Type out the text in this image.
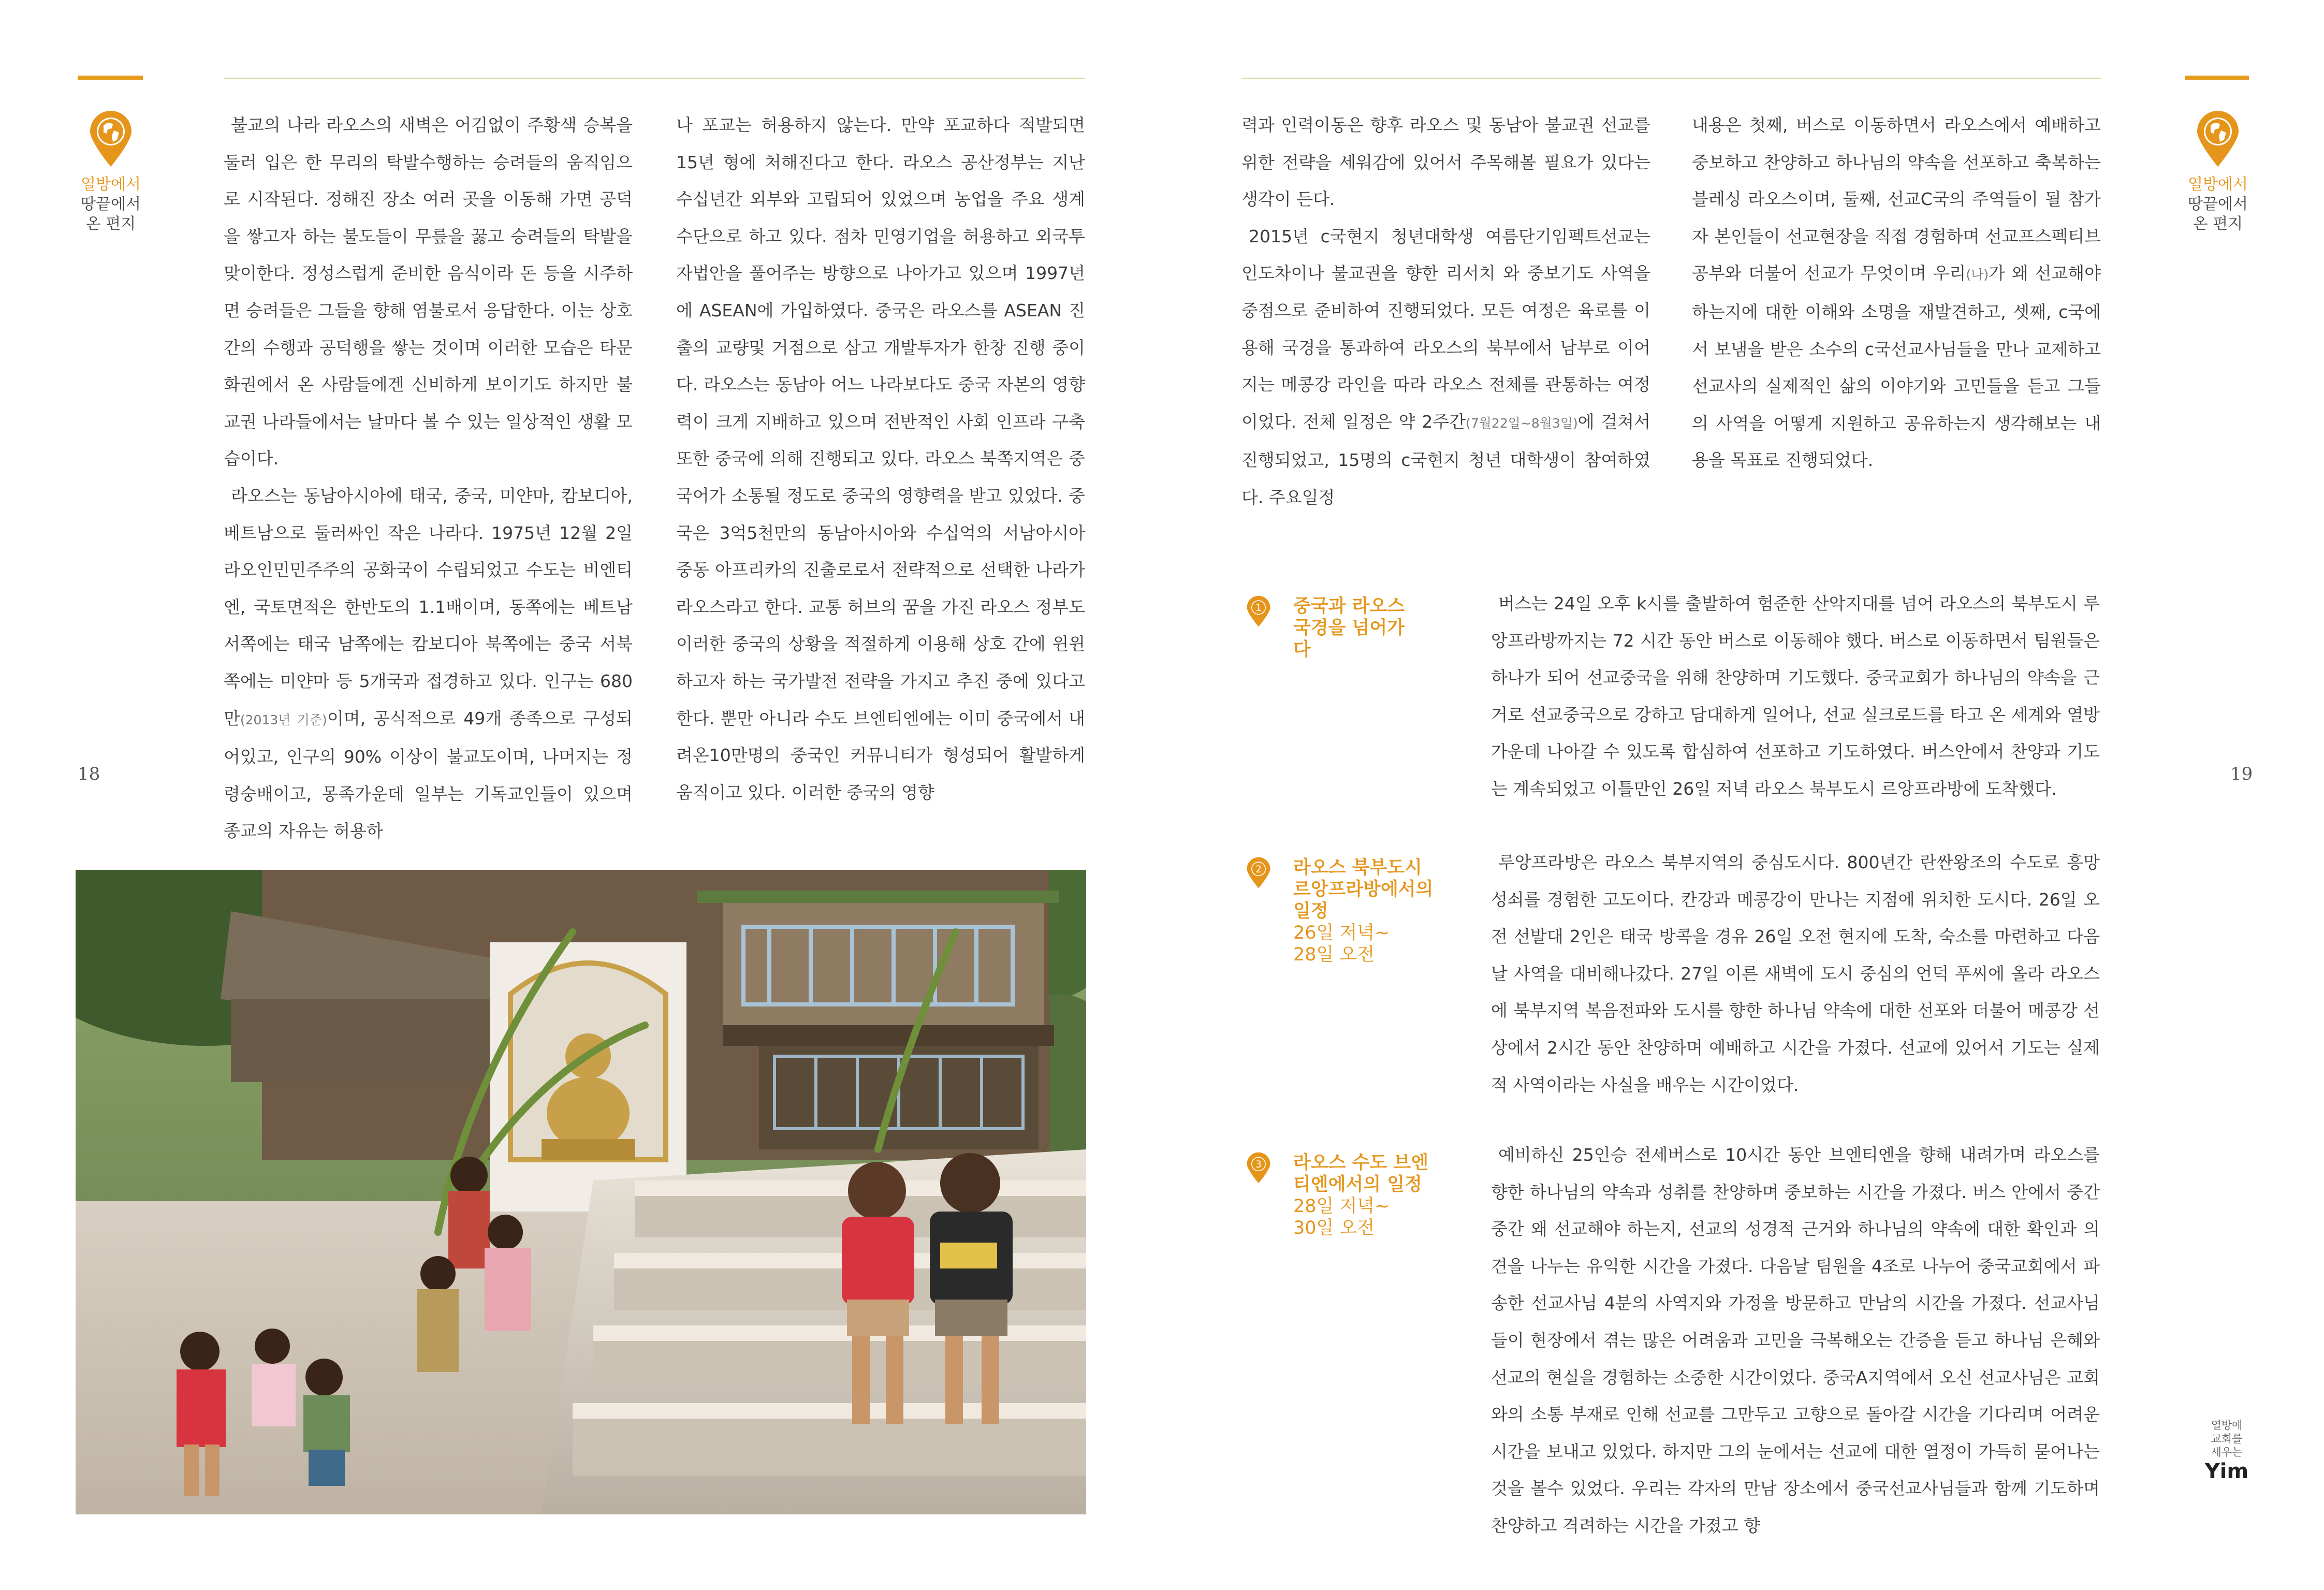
열방에서
땅끝에서
온 편지

불교의 나라 라오스의 새벽은 어김없이 주황색 승복을 둘러 입은 한 무리의 탁발수행하는 승려들의 움직임으로 시작된다. 정해진 장소 여러 곳을 이동해 가면 공덕을 쌓고자 하는 불도들이 무릎을 꿇고 승려들의 탁발을 맞이한다. 정성스럽게 준비한 음식이라 돈 등을 시주하면 승려들은 그들을 향해 염불로서 응답한다. 이는 상호 간의 수행과 공덕행을 쌓는 것이며 이러한 모습은 타문화권에서 온 사람들에겐 신비하게 보이기도 하지만 불교권 나라들에서는 날마다 볼 수 있는 일상적인 생활 모습이다.

라오스는 동남아시아에 태국, 중국, 미얀마, 캄보디아, 베트남으로 둘러싸인 작은 나라다. 1975년 12월 2일 라오인민민주주의 공화국이 수립되었고 수도는 비엔티엔, 국토면적은 한반도의 1.1배이며, 동쪽에는 베트남 서쪽에는 태국 남쪽에는 캄보디아 북쪽에는 중국 서북쪽에는 미얀마 등 5개국과 접경하고 있다. 인구는 680만(2013년 기준)이며, 공식적으로 49개 종족으로 구성되어있고, 인구의 90% 이상이 불교도이며, 나머지는 정령숭배이고, 몽족가운데 일부는 기독교인들이 있으며 종교의 자유는 허용하

나 포교는 허용하지 않는다. 만약 포교하다 적발되면 15년 형에 처해진다고 한다. 라오스 공산정부는 지난 수십년간 외부와 고립되어 있었으며 농업을 주요 생계수단으로 하고 있다. 점차 민영기업을 허용하고 외국투자법안을 풀어주는 방향으로 나아가고 있으며 1997년에 ASEAN에 가입하였다. 중국은 라오스를 ASEAN 진출의 교량및 거점으로 삼고 개발투자가 한창 진행 중이다. 라오스는 동남아 어느 나라보다도 중국 자본의 영향력이 크게 지배하고 있으며 전반적인 사회 인프라 구축 또한 중국에 의해 진행되고 있다. 라오스 북쪽지역은 중국어가 소통될 정도로 중국의 영향력을 받고 있었다. 중국은 3억5천만의 동남아시아와 수십억의 서남아시아 중동 아프리카의 진출로로서 전략적으로 선택한 나라가 라오스라고 한다. 교통 허브의 꿈을 가진 라오스 정부도 이러한 중국의 상황을 적절하게 이용해 상호 간에 윈윈하고자 하는 국가발전 전략을 가지고 추진 중에 있다고 한다. 뿐만 아니라 수도 브엔티엔에는 이미 중국에서 내려온10만명의 중국인 커뮤니티가 형성되어 활발하게 움직이고 있다. 이러한 중국의 영향

18
열방에서
땅끝에서
온 편지

력과 인력이동은 향후 라오스 및 동남아 불교권 선교를 위한 전략을 세워감에 있어서 주목해볼 필요가 있다는 생각이 든다.

2015년 c국현지 청년대학생 여름단기임펙트선교는 인도차이나 불교권을 향한 리서치 와 중보기도 사역을 중점으로 준비하여 진행되었다. 모든 여정은 육로를 이용해 국경을 통과하여 라오스의 북부에서 남부로 이어지는 메콩강 라인을 따라 라오스 전체를 관통하는 여정이었다. 전체 일정은 약 2주간(7월22일~8월3일)에 걸쳐서 진행되었고, 15명의 c국현지 청년 대학생이 참여하였다. 주요일정

내용은 첫째, 버스로 이동하면서 라오스에서 예배하고 중보하고 찬양하고 하나님의 약속을 선포하고 축복하는 블레싱 라오스이며, 둘째, 선교C국의 주역들이 될 참가자 본인들이 선교현장을 직접 경험하며 선교프스펙티브 공부와 더불어 선교가 무엇이며 우리(나)가 왜 선교해야 하는지에 대한 이해와 소명을 재발견하고, 셋째, c국에서 보냄을 받은 소수의 c국선교사님들을 만나 교제하고 선교사의 실제적인 삶의 이야기와 고민들을 듣고 그들의 사역을 어떻게 지원하고 공유하는지 생각해보는 내용을 목표로 진행되었다.

1 중국과 라오스 국경을 넘어가다

버스는 24일 오후 k시를 출발하여 험준한 산악지대를 넘어 라오스의 북부도시 루앙프라방까지는 72 시간 동안 버스로 이동해야 했다. 버스로 이동하면서 팀원들은 하나가 되어 선교중국을 위해 찬양하며 기도했다. 중국교회가 하나님의 약속을 근거로 선교중국으로 강하고 담대하게 일어나, 선교 실크로드를 타고 온 세계와 열방가운데 나아갈 수 있도록 합심하여 선포하고 기도하였다. 버스안에서 찬양과 기도는 계속되었고 이틀만인 26일 저녁 라오스 북부도시 르앙프라방에 도착했다.

2 라오스 북부도시 르앙프라방에서의 일정
26일 저녁~ 28일 오전

루앙프라방은 라오스 북부지역의 중심도시다. 800년간 란싼왕조의 수도로 흥망성쇠를 경험한 고도이다. 칸강과 메콩강이 만나는 지점에 위치한 도시다. 26일 오전 선발대 2인은 태국 방콕을 경유 26일 오전 현지에 도착, 숙소를 마련하고 다음날 사역을 대비해나갔다. 27일 이른 새벽에 도시 중심의 언덕 푸씨에 올라 라오스에 북부지역 복음전파와 도시를 향한 하나님 약속에 대한 선포와 더불어 메콩강 선상에서 2시간 동안 찬양하며 예배하고 시간을 가졌다. 선교에 있어서 기도는 실제적 사역이라는 사실을 배우는 시간이었다.

3 라오스 수도 브엔티엔에서의 일정
28일 저녁~ 30일 오전

예비하신 25인승 전세버스로 10시간 동안 브엔티엔을 향해 내려가며 라오스를 향한 하나님의 약속과 성취를 찬양하며 중보하는 시간을 가졌다. 버스 안에서 중간중간 왜 선교해야 하는지, 선교의 성경적 근거와 하나님의 약속에 대한 확인과 의견을 나누는 유익한 시간을 가졌다. 다음날 팀원을 4조로 나누어 중국교회에서 파송한 선교사님 4분의 사역지와 가정을 방문하고 만남의 시간을 가졌다. 선교사님들이 현장에서 겪는 많은 어려움과 고민을 극복해오는 간증을 듣고 하나님 은혜와 선교의 현실을 경험하는 소중한 시간이었다. 중국A지역에서 오신 선교사님은 교회와의 소통 부재로 인해 선교를 그만두고 고향으로 돌아갈 시간을 기다리며 어려운 시간을 보내고 있었다. 하지만 그의 눈에서는 선교에 대한 열정이 가득히 묻어나는 것을 볼수 있었다. 우리는 각자의 만남 장소에서 중국선교사님들과 함께 기도하며 찬양하고 격려하는 시간을 가졌고 향

19
열방에
교회를
세우는
Yim
